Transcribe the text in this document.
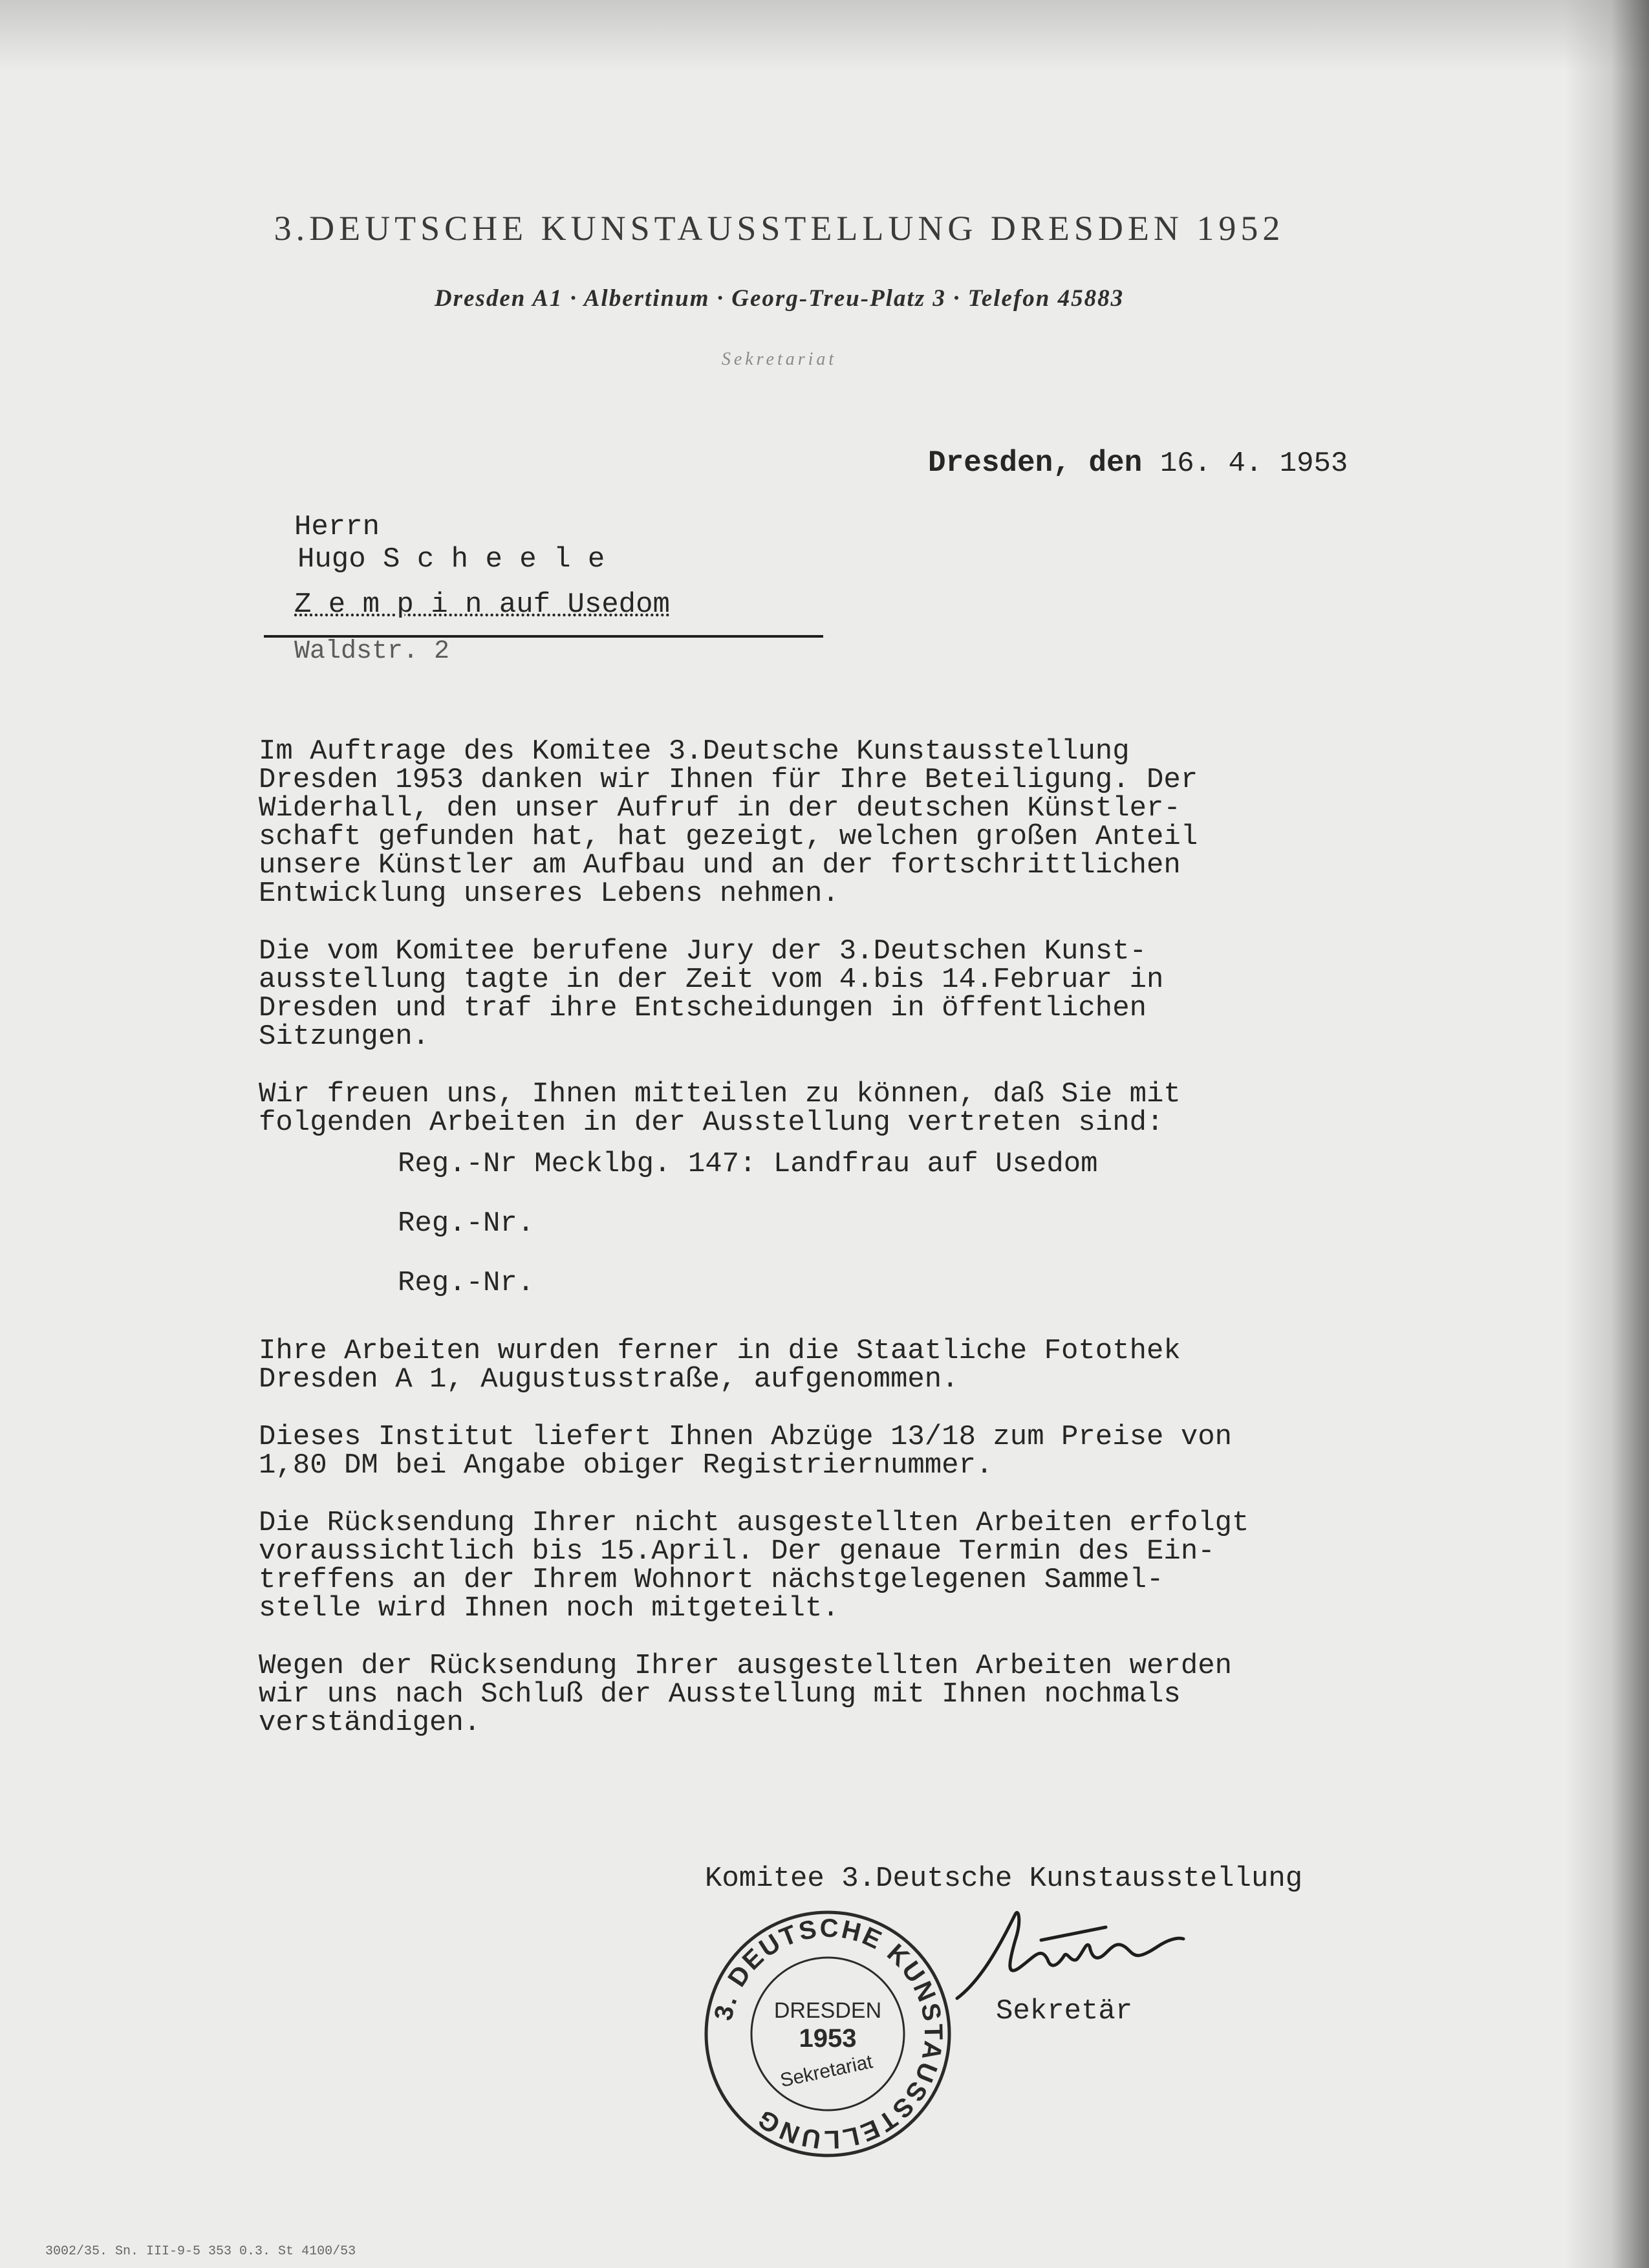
3.DEUTSCHE KUNSTAUSSTELLUNG DRESDEN 1952
Dresden A1 · Albertinum · Georg-Treu-Platz 3 · Telefon 45883
Sekretariat
Dresden, den 16. 4. 1953
Herrn
Hugo S c h e e l e
Z e m p i n auf Usedom
Waldstr. 2

Im Auftrage des Komitee 3.Deutsche Kunstausstellung
Dresden 1953 danken wir Ihnen für Ihre Beteiligung. Der
Widerhall, den unser Aufruf in der deutschen Künstler-
schaft gefunden hat, hat gezeigt, welchen großen Anteil
unsere Künstler am Aufbau und an der fortschrittlichen
Entwicklung unseres Lebens nehmen.

Die vom Komitee berufene Jury der 3.Deutschen Kunst-
ausstellung tagte in der Zeit vom 4.bis 14.Februar in
Dresden und traf ihre Entscheidungen in öffentlichen
Sitzungen.

Wir freuen uns, Ihnen mitteilen zu können, daß Sie mit
folgenden Arbeiten in der Ausstellung vertreten sind:

Reg.-Nr Mecklbg. 147: Landfrau auf Usedom
Reg.-Nr.
Reg.-Nr.

Ihre Arbeiten wurden ferner in die Staatliche Fotothek
Dresden A 1, Augustusstraße, aufgenommen.

Dieses Institut liefert Ihnen Abzüge 13/18 zum Preise von
1,80 DM bei Angabe obiger Registriernummer.

Die Rücksendung Ihrer nicht ausgestellten Arbeiten erfolgt
voraussichtlich bis 15.April. Der genaue Termin des Ein-
treffens an der Ihrem Wohnort nächstgelegenen Sammel-
stelle wird Ihnen noch mitgeteilt.

Wegen der Rücksendung Ihrer ausgestellten Arbeiten werden
wir uns nach Schluß der Ausstellung mit Ihnen nochmals
verständigen.

Komitee 3.Deutsche Kunstausstellung
Sekretär
3. DEUTSCHE KUNSTAUSSTELLUNG
DRESDEN
1953
Sekretariat
3002/35. Sn. III-9-5 353 0.3. St 4100/53
